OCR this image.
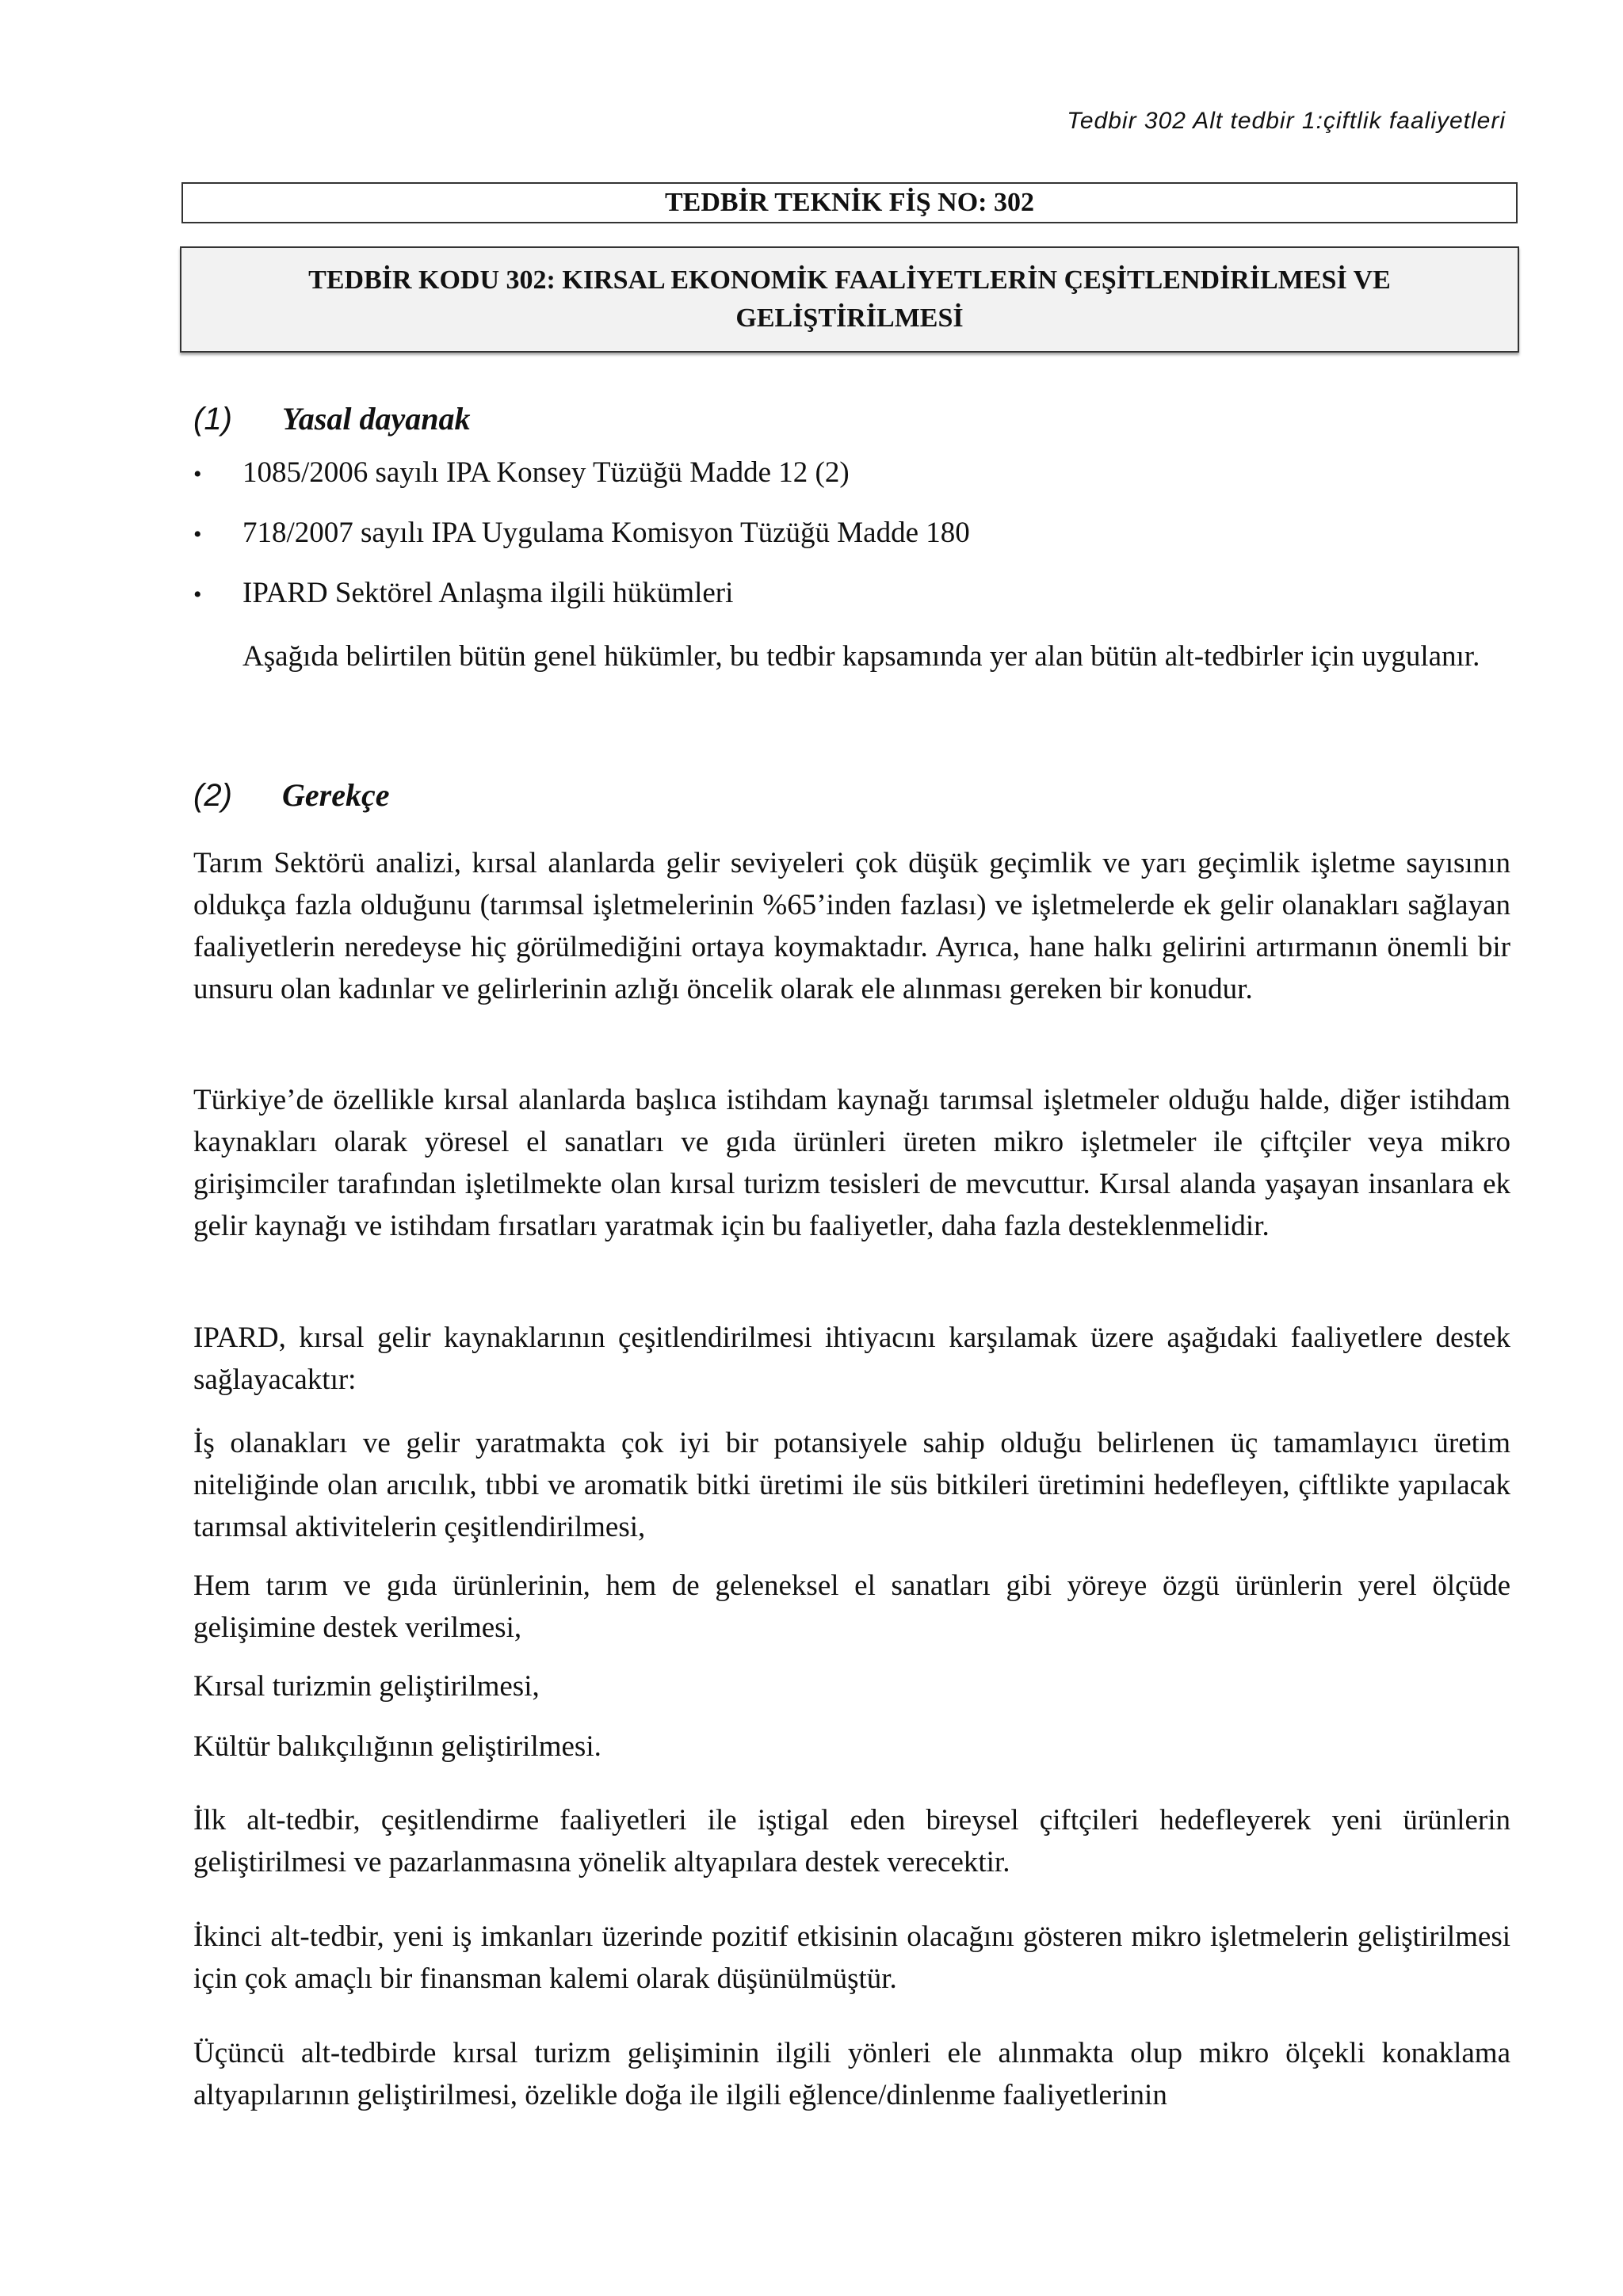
Tedbir 302 Alt tedbir 1:çiftlik faaliyetleri
TEDBİR TEKNİK FİŞ NO: 302
TEDBİR KODU 302: KIRSAL EKONOMİK FAALİYETLERİN ÇEŞİTLENDİRİLMESİ VE
GELİŞTİRİLMESİ
(1)	Yasal dayanak
•	1085/2006 sayılı IPA Konsey Tüzüğü Madde 12 (2)
•	718/2007 sayılı IPA Uygulama Komisyon Tüzüğü Madde 180
•	IPARD Sektörel Anlaşma ilgili hükümleri
Aşağıda belirtilen bütün genel hükümler, bu tedbir kapsamında yer alan bütün alt-tedbirler için uygulanır.
(2)	Gerekçe

Tarım Sektörü analizi, kırsal alanlarda gelir seviyeleri çok düşük geçimlik ve yarı geçimlik işletme sayısının oldukça fazla olduğunu (tarımsal işletmelerinin %65’inden fazlası) ve işletmelerde ek gelir olanakları sağlayan faaliyetlerin neredeyse hiç görülmediğini ortaya koymaktadır. Ayrıca, hane halkı gelirini artırmanın önemli bir unsuru olan kadınlar ve gelirlerinin azlığı öncelik olarak ele alınması gereken bir konudur.

Türkiye’de özellikle kırsal alanlarda başlıca istihdam kaynağı tarımsal işletmeler olduğu halde, diğer istihdam kaynakları olarak yöresel el sanatları ve gıda ürünleri üreten mikro işletmeler ile çiftçiler veya mikro girişimciler tarafından işletilmekte olan kırsal turizm tesisleri de mevcuttur. Kırsal alanda yaşayan insanlara ek gelir kaynağı ve istihdam fırsatları yaratmak için bu faaliyetler, daha fazla desteklenmelidir.

IPARD, kırsal gelir kaynaklarının çeşitlendirilmesi ihtiyacını karşılamak üzere aşağıdaki faaliyetlere destek sağlayacaktır:

İş olanakları ve gelir yaratmakta çok iyi bir potansiyele sahip olduğu belirlenen üç tamamlayıcı üretim niteliğinde olan arıcılık, tıbbi ve aromatik bitki üretimi ile süs bitkileri üretimini hedefleyen, çiftlikte yapılacak tarımsal aktivitelerin çeşitlendirilmesi,

Hem tarım ve gıda ürünlerinin, hem de geleneksel el sanatları gibi yöreye özgü ürünlerin yerel ölçüde gelişimine destek verilmesi,

Kırsal turizmin geliştirilmesi,

Kültür balıkçılığının geliştirilmesi.

İlk alt-tedbir, çeşitlendirme faaliyetleri ile iştigal eden bireysel çiftçileri hedefleyerek yeni ürünlerin geliştirilmesi ve pazarlanmasına yönelik altyapılara destek verecektir.

İkinci alt-tedbir, yeni iş imkanları üzerinde pozitif etkisinin olacağını gösteren mikro işletmelerin geliştirilmesi için çok amaçlı bir finansman kalemi olarak düşünülmüştür.

Üçüncü alt-tedbirde kırsal turizm gelişiminin ilgili yönleri ele alınmakta olup mikro ölçekli konaklama altyapılarının geliştirilmesi, özelikle doğa ile ilgili eğlence/dinlenme faaliyetlerinin
